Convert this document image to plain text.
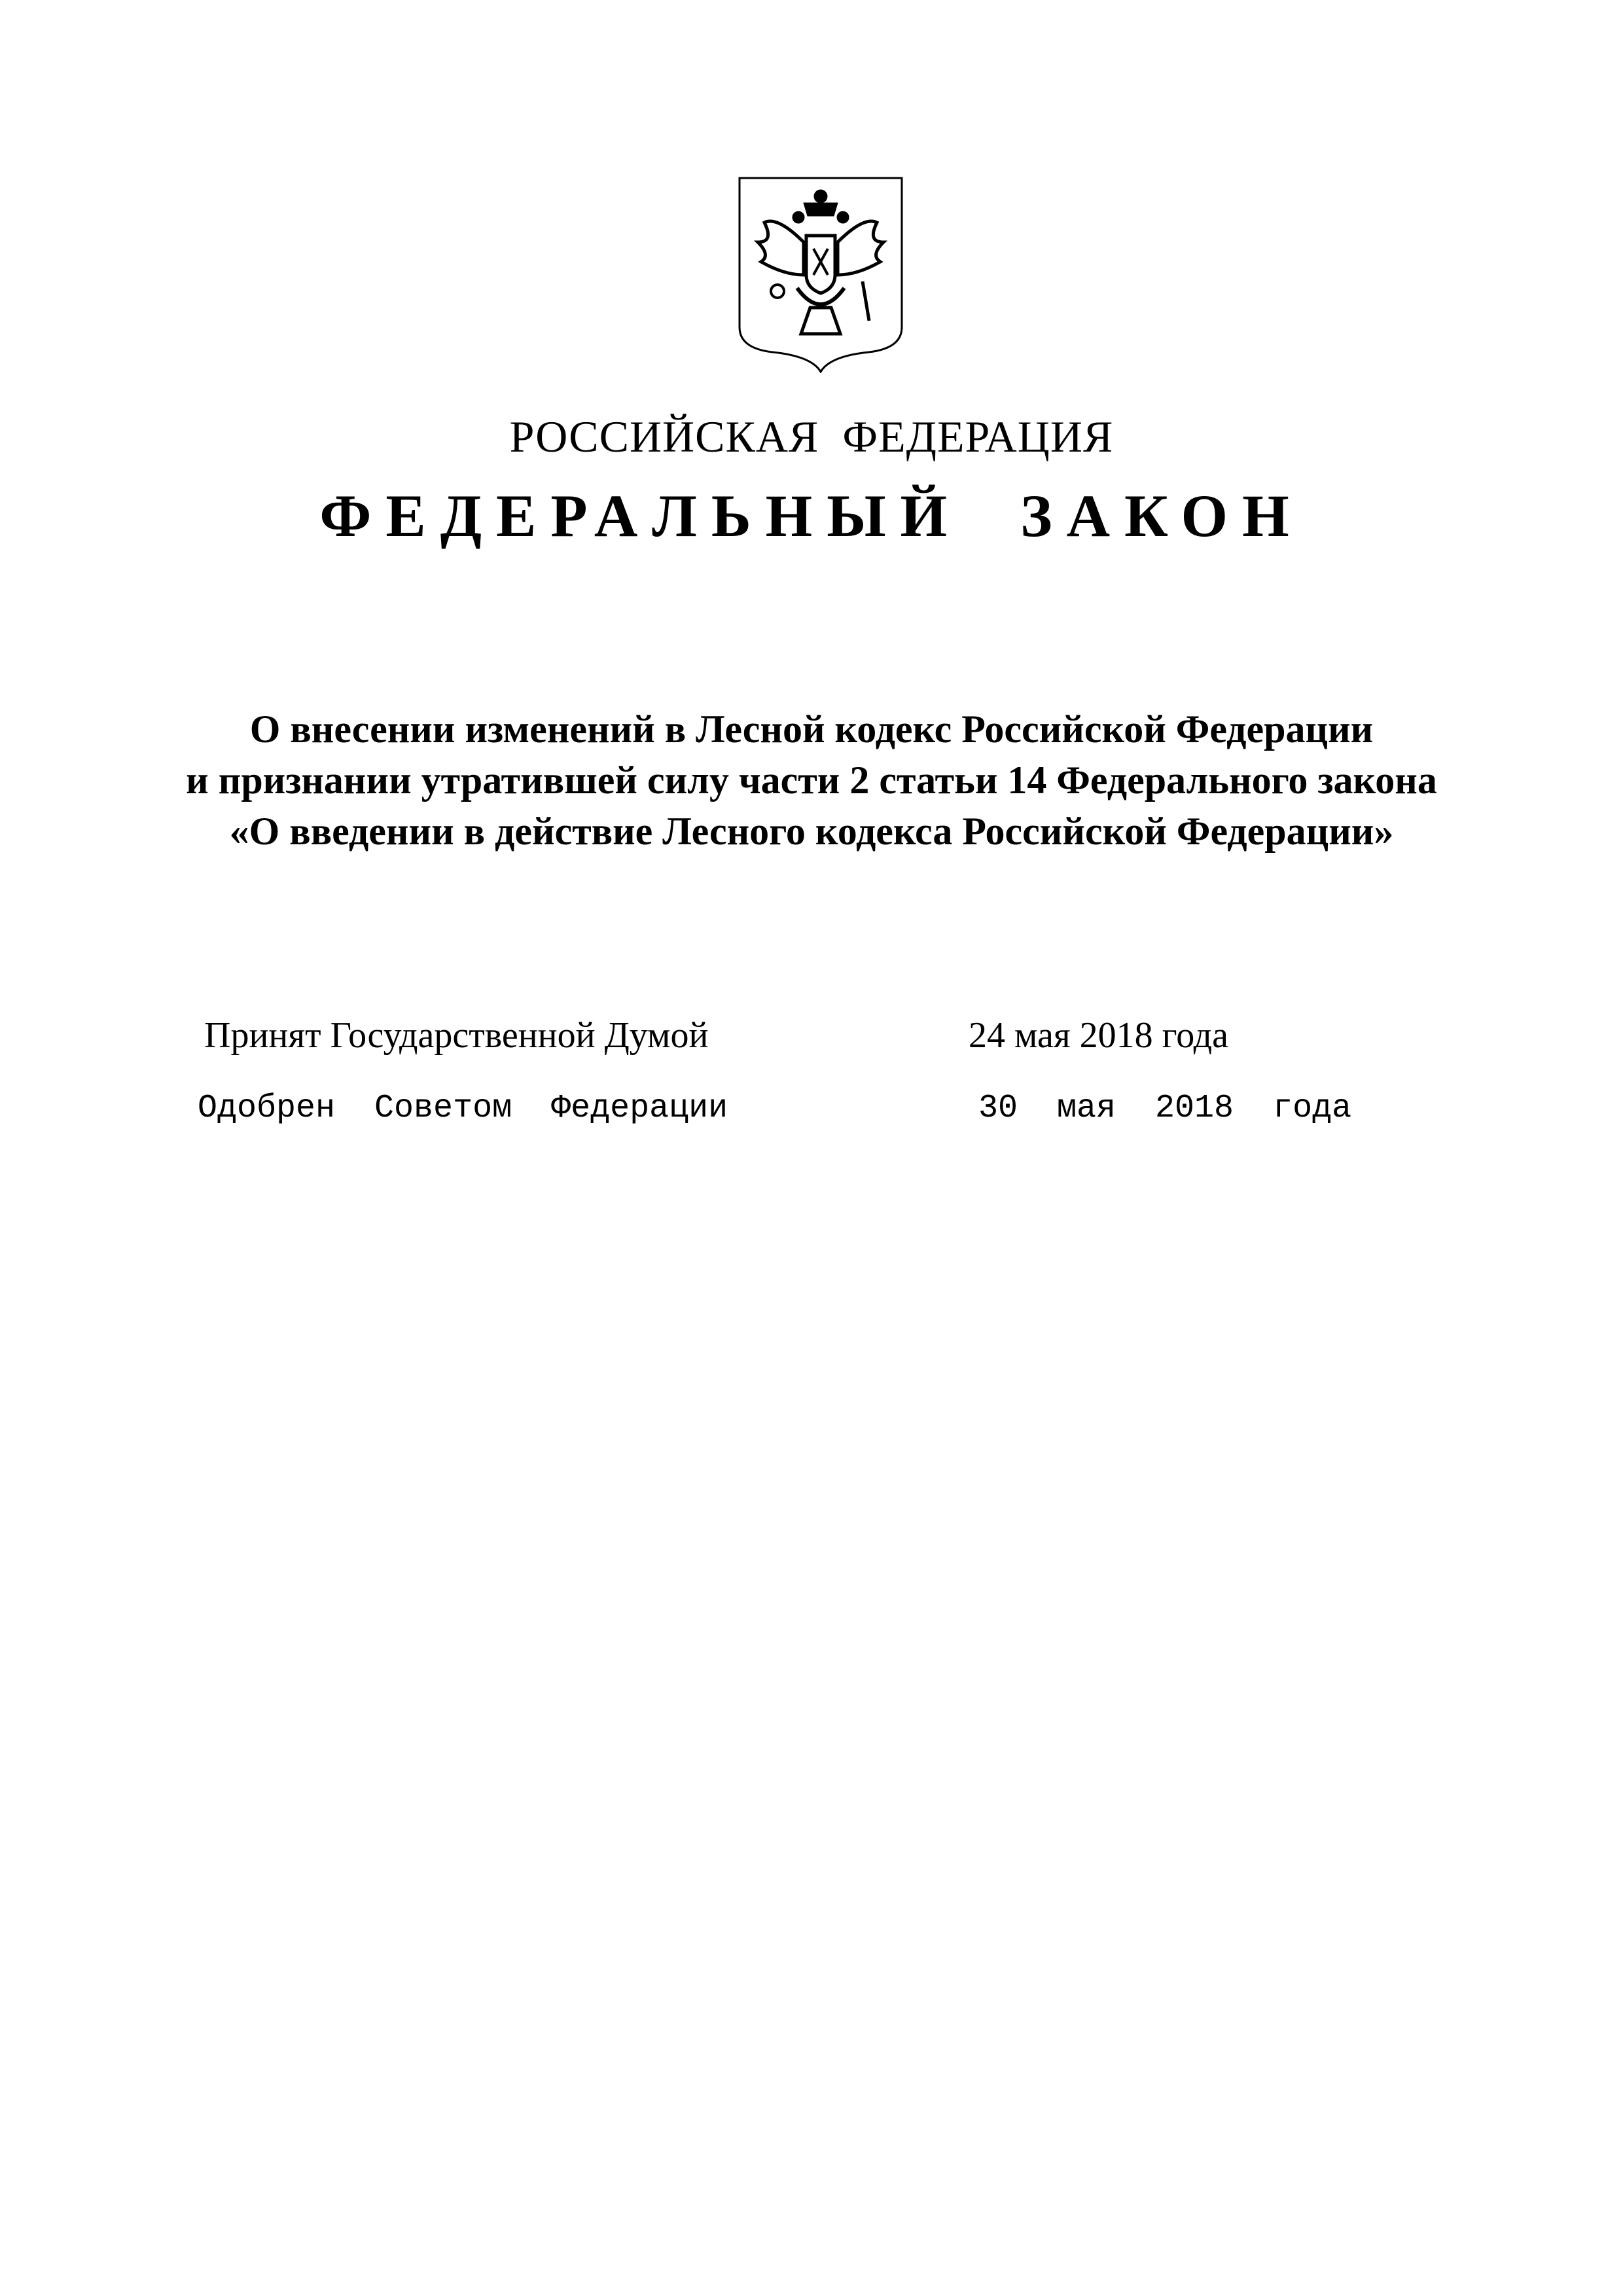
РОССИЙСКАЯ  ФЕДЕРАЦИЯ
ФЕДЕРАЛЬНЫЙ  ЗАКОН
О внесении изменений в Лесной кодекс Российской Федерации
и признании утратившей силу части 2 статьи 14 Федерального закона
«О введении в действие Лесного кодекса Российской Федерации»
Принят Государственной Думой	24 мая 2018 года
Одобрен  Советом  Федерации	30  мая  2018  года
